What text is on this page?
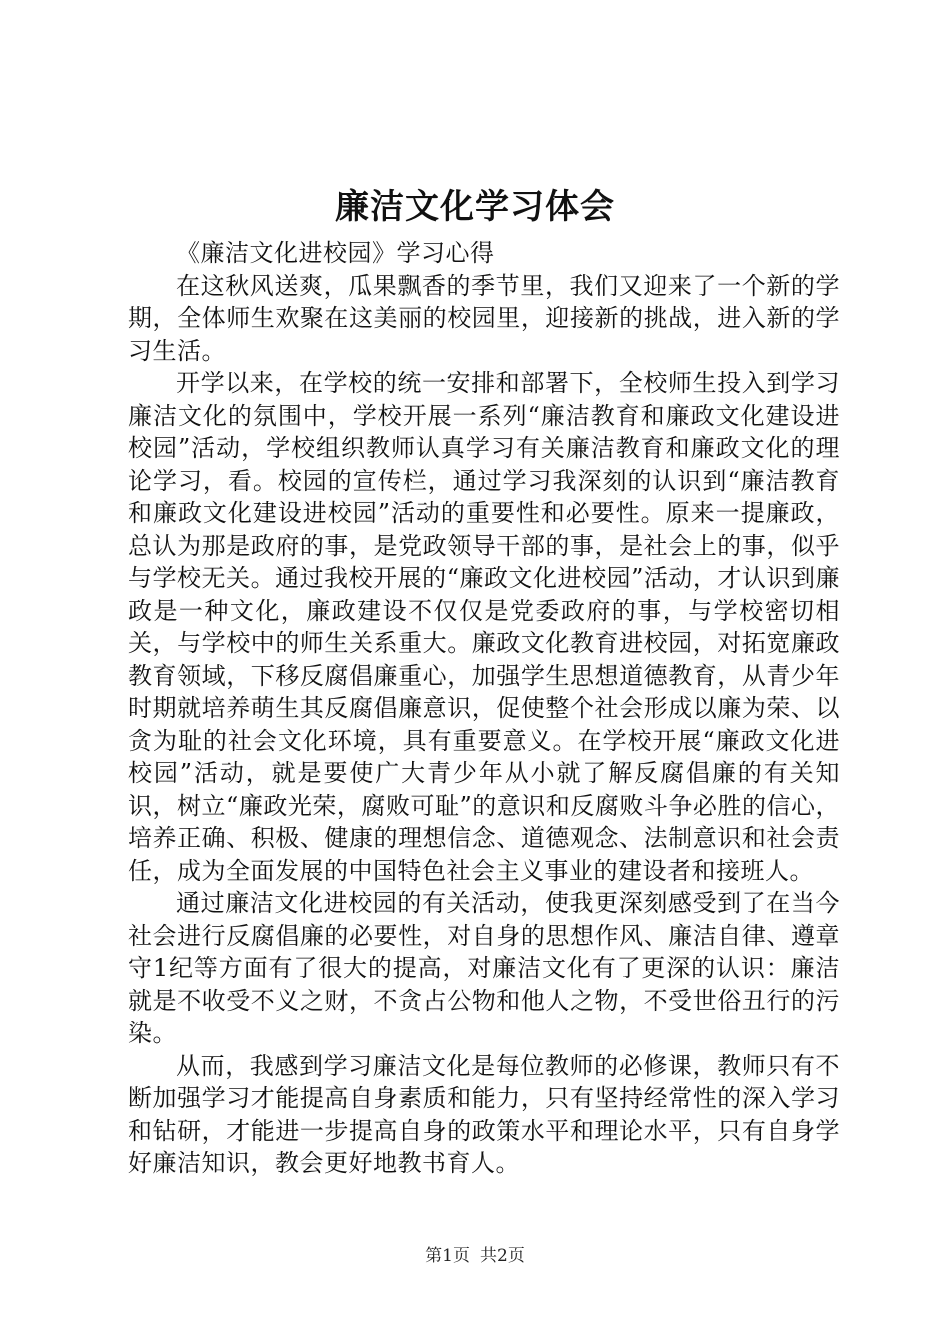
廉洁文化学习体会

《廉洁文化进校园》学习心得

在这秋风送爽，瓜果飘香的季节里，我们又迎来了一个新的学期，全体师生欢聚在这美丽的校园里，迎接新的挑战，进入新的学习生活。

开学以来，在学校的统一安排和部署下，全校师生投入到学习廉洁文化的氛围中，学校开展一系列“廉洁教育和廉政文化建设进校园”活动，学校组织教师认真学习有关廉洁教育和廉政文化的理论学习，看。校园的宣传栏，通过学习我深刻的认识到“廉洁教育和廉政文化建设进校园”活动的重要性和必要性。原来一提廉政，总认为那是政府的事，是党政领导干部的事，是社会上的事，似乎与学校无关。通过我校开展的“廉政文化进校园”活动，才认识到廉政是一种文化，廉政建设不仅仅是党委政府的事，与学校密切相关，与学校中的师生关系重大。廉政文化教育进校园，对拓宽廉政教育领域，下移反腐倡廉重心，加强学生思想道德教育，从青少年时期就培养萌生其反腐倡廉意识，促使整个社会形成以廉为荣、以贪为耻的社会文化环境，具有重要意义。在学校开展“廉政文化进校园”活动，就是要使广大青少年从小就了解反腐倡廉的有关知识，树立“廉政光荣，腐败可耻”的意识和反腐败斗争必胜的信心，培养正确、积极、健康的理想信念、道德观念、法制意识和社会责任，成为全面发展的中国特色社会主义事业的建设者和接班人。

通过廉洁文化进校园的有关活动，使我更深刻感受到了在当今社会进行反腐倡廉的必要性，对自身的思想作风、廉洁自律、遵章守1纪等方面有了很大的提高，对廉洁文化有了更深的认识：廉洁就是不收受不义之财，不贪占公物和他人之物，不受世俗丑行的污染。

从而，我感到学习廉洁文化是每位教师的必修课，教师只有不断加强学习才能提高自身素质和能力，只有坚持经常性的深入学习和钻研，才能进一步提高自身的政策水平和理论水平，只有自身学好廉洁知识，教会更好地教书育人。

第1页 共2页
